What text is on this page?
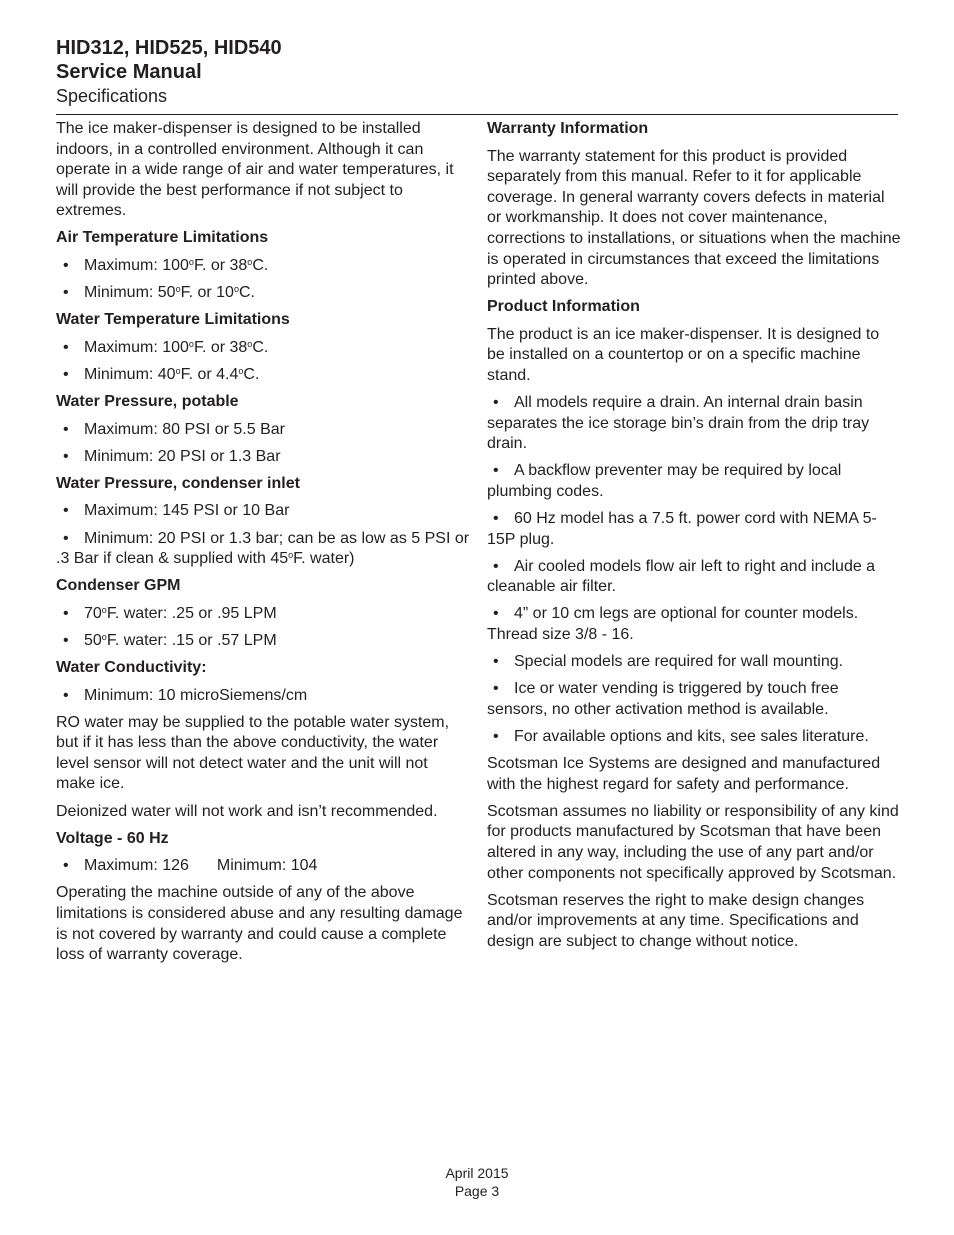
HID312, HID525, HID540
Service Manual
Specifications

The ice maker-dispenser is designed to be installed indoors, in a controlled environment. Although it can operate in a wide range of air and water temperatures, it will provide the best performance if not subject to extremes.

Air Temperature Limitations
• Maximum: 100$^o$F. or 38$^o$C.
• Minimum: 50$^o$F. or 10$^o$C.
Water Temperature Limitations
• Maximum: 100$^o$F. or 38$^o$C.
• Minimum: 40$^o$F. or 4.4$^o$C.
Water Pressure, potable
• Maximum: 80 PSI or 5.5 Bar
• Minimum: 20 PSI or 1.3 Bar
Water Pressure, condenser inlet
• Maximum: 145 PSI or 10 Bar
• Minimum: 20 PSI or 1.3 bar; can be as low as 5 PSI or .3 Bar if clean & supplied with 45$^o$F. water)
Condenser GPM
• 70$^o$F. water: .25 or .95 LPM
• 50$^o$F. water: .15 or .57 LPM
Water Conductivity:
• Minimum: 10 microSiemens/cm

RO water may be supplied to the potable water system, but if it has less than the above conductivity, the water level sensor will not detect water and the unit will not make ice.

Deionized water will not work and isn’t recommended.

Voltage - 60 Hz
• Maximum: 126 Minimum: 104

Operating the machine outside of any of the above limitations is considered abuse and any resulting damage is not covered by warranty and could cause a complete loss of warranty coverage.

Warranty Information

The warranty statement for this product is provided separately from this manual. Refer to it for applicable coverage. In general warranty covers defects in material or workmanship. It does not cover maintenance, corrections to installations, or situations when the machine is operated in circumstances that exceed the limitations printed above.

Product Information

The product is an ice maker-dispenser. It is designed to be installed on a countertop or on a specific machine stand.

• All models require a drain. An internal drain basin separates the ice storage bin’s drain from the drip tray drain.
• A backflow preventer may be required by local plumbing codes.
• 60 Hz model has a 7.5 ft. power cord with NEMA 5-15P plug.
• Air cooled models flow air left to right and include a cleanable air filter.
• 4” or 10 cm legs are optional for counter models. Thread size 3/8 - 16.
• Special models are required for wall mounting.
• Ice or water vending is triggered by touch free sensors, no other activation method is available.
• For available options and kits, see sales literature.

Scotsman Ice Systems are designed and manufactured with the highest regard for safety and performance.

Scotsman assumes no liability or responsibility of any kind for products manufactured by Scotsman that have been altered in any way, including the use of any part and/or other components not specifically approved by Scotsman.

Scotsman reserves the right to make design changes and/or improvements at any time. Specifications and design are subject to change without notice.

April 2015
Page 3
